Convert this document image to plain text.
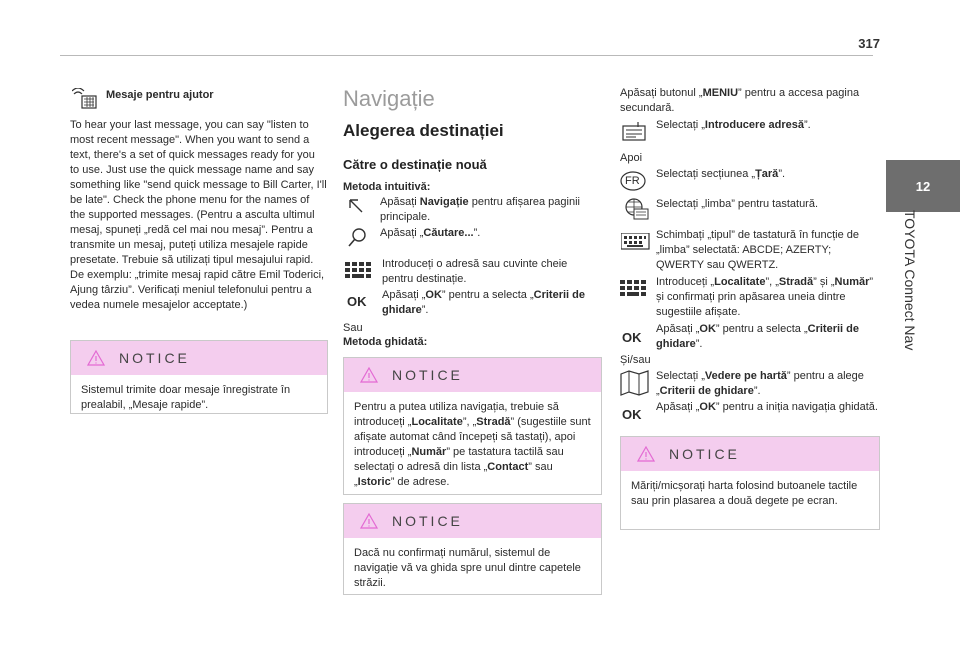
317
12
TOYOTA Connect Nav
Mesaje pentru ajutor
To hear your last message, you can say "listen to most recent message". When you want to send a text, there's a set of quick messages ready for you to use. Just use the quick message name and say something like "send quick message to Bill Carter, I'll be late". Check the phone menu for the names of the supported messages. (Pentru a asculta ultimul mesaj, spuneți „redă cel mai nou mesaj”. Pentru a transmite un mesaj, puteți utiliza mesajele rapide presetate. Trebuie să utilizați tipul mesajului rapid. De exemplu: „trimite mesaj rapid către Emil Toderici, Ajung târziu”. Verificați meniul telefonului pentru a vedea numele mesajelor acceptate.)
NOTICE
Sistemul trimite doar mesaje înregistrate în prealabil, „Mesaje rapide”.
Navigație
Alegerea destinației
Către o destinație nouă
Metoda intuitivă:
Apăsați Navigație pentru afișarea paginii principale.
Apăsați „Căutare...”.
Introduceți o adresă sau cuvinte cheie pentru destinație.
OK Apăsați „OK” pentru a selecta „Criterii de ghidare”.
Sau
Metoda ghidată:
NOTICE
Pentru a putea utiliza navigația, trebuie să introduceți „Localitate”, „Stradă” (sugestiile sunt afișate automat când începeți să tastați), apoi introduceți „Număr” pe tastatura tactilă sau selectați o adresă din lista „Contact” sau „Istoric” de adrese.
NOTICE
Dacă nu confirmați numărul, sistemul de navigație vă va ghida spre unul dintre capetele străzii.
Apăsați butonul „MENIU” pentru a accesa pagina secundară.
Selectați „Introducere adresă”.
Apoi
FR
Selectați secțiunea „Țară”.
Selectați „limba” pentru tastatură.
Schimbați „tipul” de tastatură în funcție de „limba” selectată: ABCDE; AZERTY; QWERTY sau QWERTZ.
Introduceți „Localitate”, „Stradă” și „Număr” și confirmați prin apăsarea uneia dintre sugestiile afișate.
OK
Apăsați „OK” pentru a selecta „Criterii de ghidare”.
Și/sau
Selectați „Vedere pe hartă” pentru a alege „Criterii de ghidare”.
OK Apăsați „OK” pentru a iniția navigația ghidată.
NOTICE
Măriți/micșorați harta folosind butoanele tactile sau prin plasarea a două degete pe ecran.
